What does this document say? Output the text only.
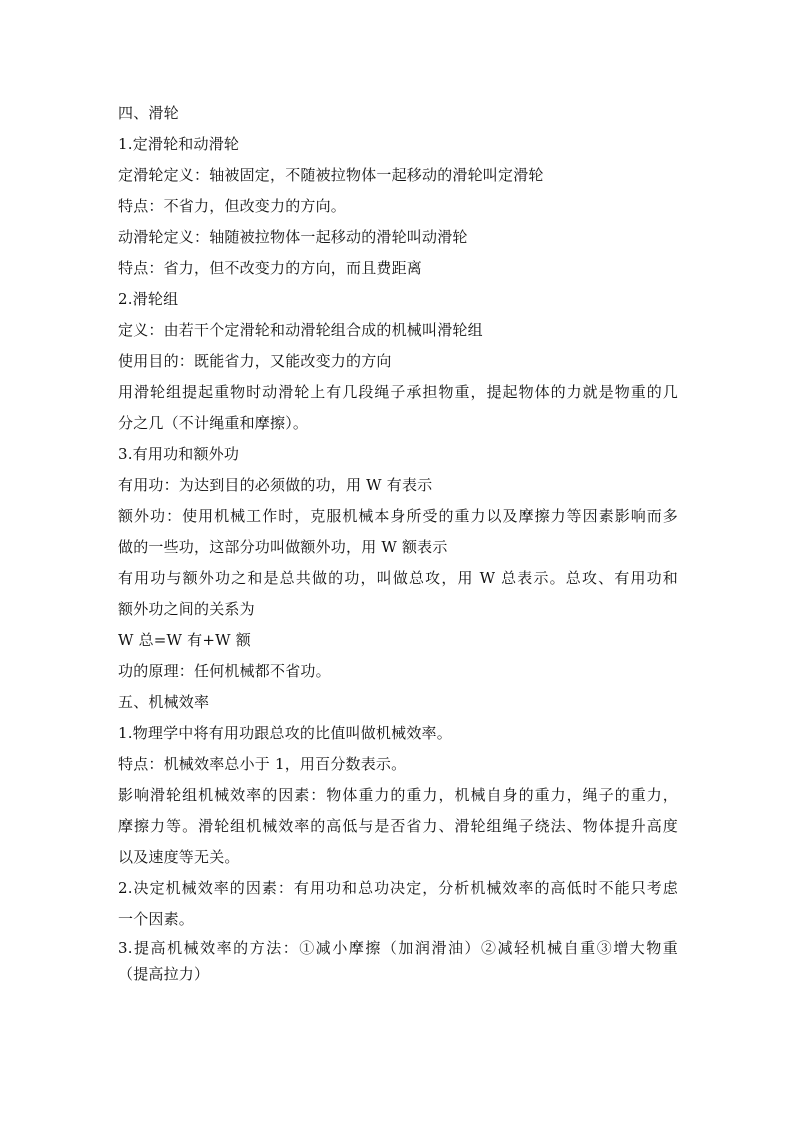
四、滑轮
1.定滑轮和动滑轮
定滑轮定义：轴被固定，不随被拉物体一起移动的滑轮叫定滑轮
特点：不省力，但改变力的方向。
动滑轮定义：轴随被拉物体一起移动的滑轮叫动滑轮
特点：省力，但不改变力的方向，而且费距离
2.滑轮组
定义：由若干个定滑轮和动滑轮组合成的机械叫滑轮组
使用目的：既能省力，又能改变力的方向
用滑轮组提起重物时动滑轮上有几段绳子承担物重，提起物体的力就是物重的几
分之几（不计绳重和摩擦）。
3.有用功和额外功
有用功：为达到目的必须做的功，用 W 有表示
额外功：使用机械工作时，克服机械本身所受的重力以及摩擦力等因素影响而多
做的一些功，这部分功叫做额外功，用 W 额表示
有用功与额外功之和是总共做的功，叫做总攻，用 W 总表示。总攻、有用功和
额外功之间的关系为
W 总=W 有+W 额
功的原理：任何机械都不省功。
五、机械效率
1.物理学中将有用功跟总攻的比值叫做机械效率。
特点：机械效率总小于 1，用百分数表示。
影响滑轮组机械效率的因素：物体重力的重力，机械自身的重力，绳子的重力，
摩擦力等。滑轮组机械效率的高低与是否省力、滑轮组绳子绕法、物体提升高度
以及速度等无关。
2.决定机械效率的因素：有用功和总功决定，分析机械效率的高低时不能只考虑
一个因素。
3.提高机械效率的方法：①减小摩擦（加润滑油）②减轻机械自重③增大物重
（提高拉力）
